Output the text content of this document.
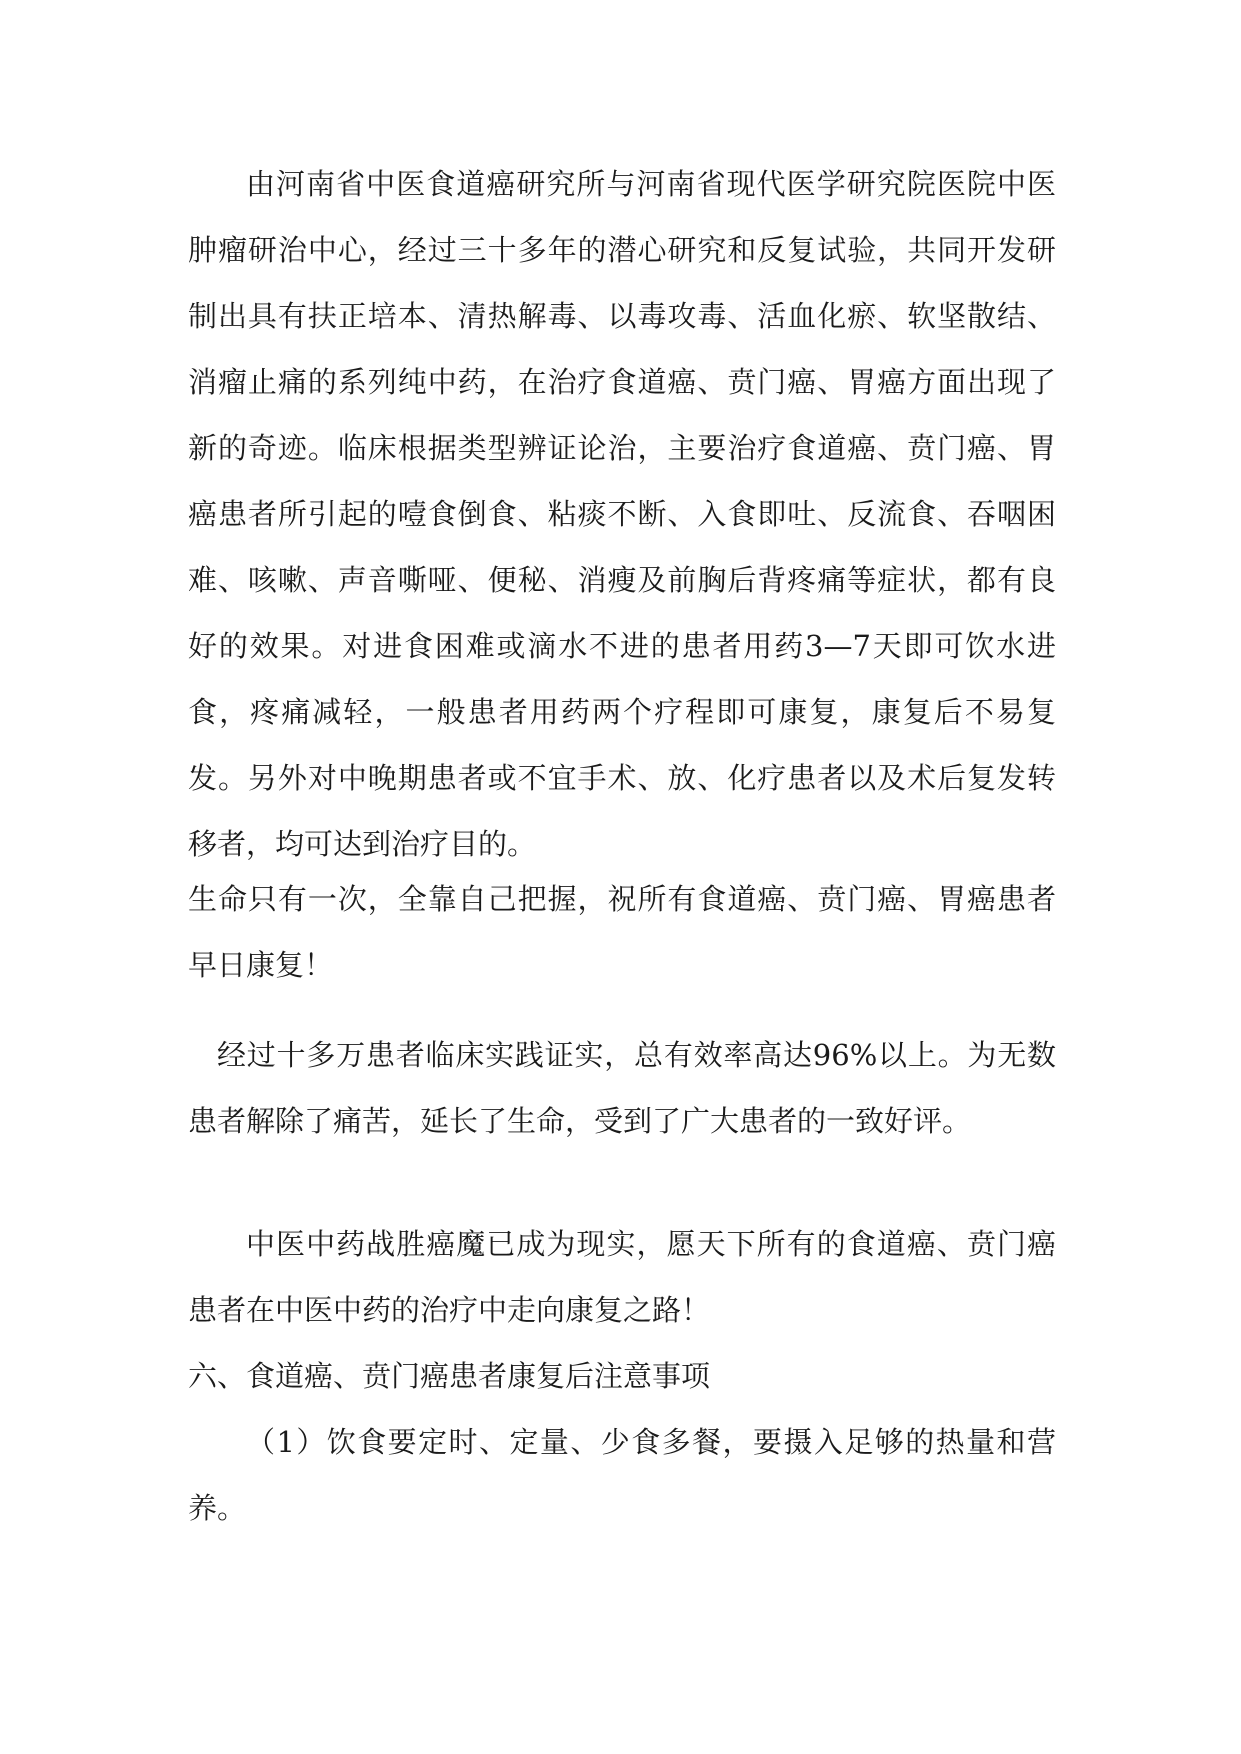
由河南省中医食道癌研究所与河南省现代医学研究院医院中医肿瘤研治中心，经过三十多年的潜心研究和反复试验，共同开发研制出具有扶正培本、清热解毒、以毒攻毒、活血化瘀、软坚散结、消瘤止痛的系列纯中药，在治疗食道癌、贲门癌、胃癌方面出现了新的奇迹。临床根据类型辨证论治，主要治疗食道癌、贲门癌、胃癌患者所引起的噎食倒食、粘痰不断、入食即吐、反流食、吞咽困难、咳嗽、声音嘶哑、便秘、消瘦及前胸后背疼痛等症状，都有良好的效果。对进食困难或滴水不进的患者用药3—7天即可饮水进食，疼痛减轻，一般患者用药两个疗程即可康复，康复后不易复发。另外对中晚期患者或不宜手术、放、化疗患者以及术后复发转移者，均可达到治疗目的。

生命只有一次，全靠自己把握，祝所有食道癌、贲门癌、胃癌患者早日康复！

经过十多万患者临床实践证实，总有效率高达96%以上。为无数患者解除了痛苦，延长了生命，受到了广大患者的一致好评。

中医中药战胜癌魔已成为现实，愿天下所有的食道癌、贲门癌患者在中医中药的治疗中走向康复之路！

六、食道癌、贲门癌患者康复后注意事项

（1）饮食要定时、定量、少食多餐，要摄入足够的热量和营养。
